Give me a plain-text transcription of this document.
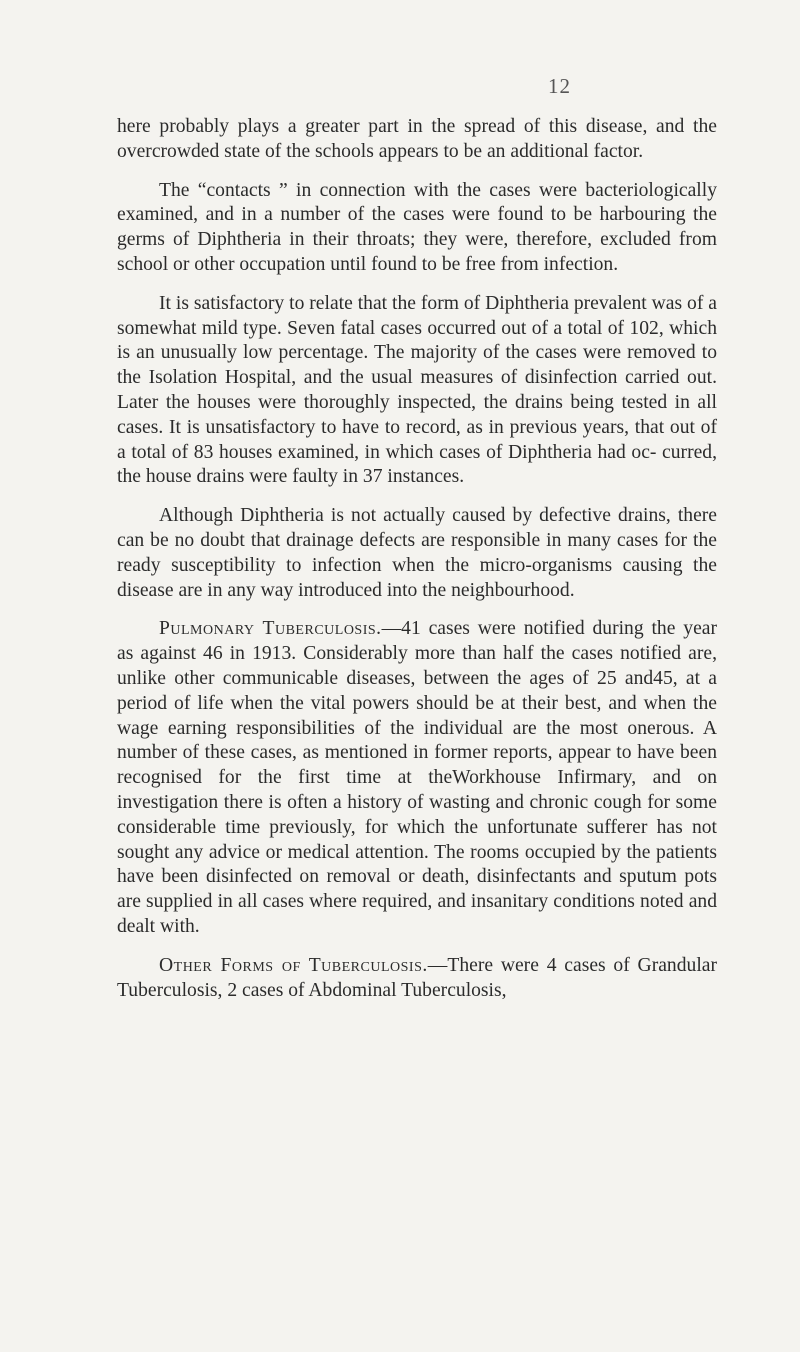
12

here probably plays a greater part in the spread of this disease, and the overcrowded state of the schools appears to be an additional factor.

The “contacts ” in connection with the cases were bacteriologically examined, and in a number of the cases were found to be harbouring the germs of Diphtheria in their throats; they were, therefore, excluded from school or other occupation until found to be free from infection.

It is satisfactory to relate that the form of Diphtheria prevalent was of a somewhat mild type. Seven fatal cases occurred out of a total of 102, which is an unusually low percentage. The majority of the cases were removed to the Isolation Hospital, and the usual measures of disinfection carried out. Later the houses were thoroughly inspected, the drains being tested in all cases. It is unsatisfactory to have to record, as in previous years, that out of a total of 83 houses examined, in which cases of Diphtheria had oc- curred, the house drains were faulty in 37 instances.

Although Diphtheria is not actually caused by defective drains, there can be no doubt that drainage defects are responsible in many cases for the ready susceptibility to infection when the micro-organisms causing the disease are in any way introduced into the neighbourhood.

Pulmonary Tuberculosis.—41 cases were notified during the year as against 46 in 1913. Considerably more than half the cases notified are, unlike other communicable diseases, between the ages of 25 and45, at a period of life when the vital powers should be at their best, and when the wage earning responsibilities of the individual are the most onerous. A number of these cases, as mentioned in former reports, appear to have been recognised for the first time at theWorkhouse Infirmary, and on investigation there is often a history of wasting and chronic cough for some considerable time previously, for which the unfortunate sufferer has not sought any advice or medical attention. The rooms occupied by the patients have been disinfected on removal or death, disinfectants and sputum pots are supplied in all cases where required, and insanitary conditions noted and dealt with.

Other Forms of Tuberculosis.—There were 4 cases of Grandular Tuberculosis, 2 cases of Abdominal Tuberculosis,
